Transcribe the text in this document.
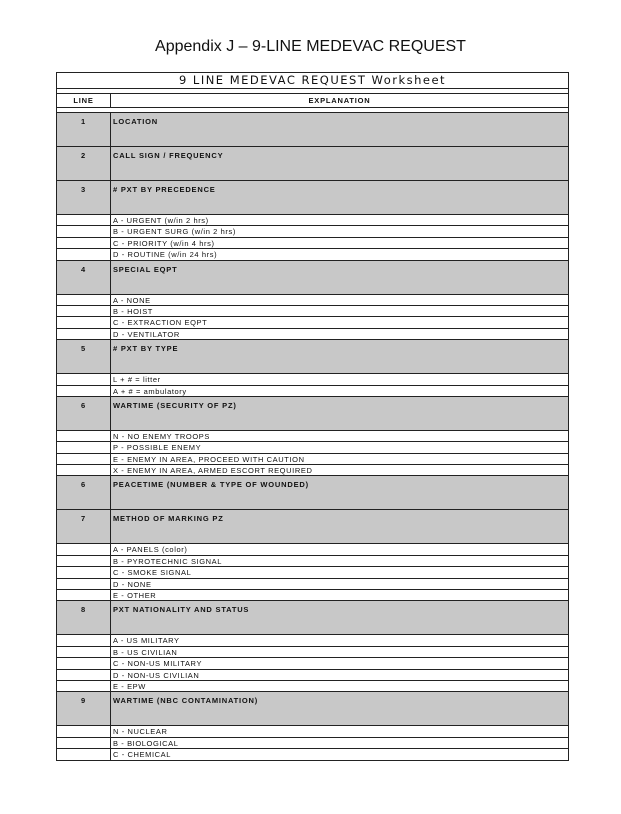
Appendix J – 9-LINE MEDEVAC REQUEST
9 LINE MEDEVAC REQUEST Worksheet
LINE	EXPLANATION
1	LOCATION
2	CALL SIGN / FREQUENCY
3	# PXT BY PRECEDENCE
A - URGENT (w/in 2 hrs)
B - URGENT SURG (w/in 2 hrs)
C - PRIORITY (w/in 4 hrs)
D - ROUTINE (w/in 24 hrs)
4	SPECIAL EQPT
A - NONE
B - HOIST
C - EXTRACTION EQPT
D - VENTILATOR
5	# PXT BY TYPE
L + # = litter
A + # = ambulatory
6	WARTIME (SECURITY OF PZ)
N - NO ENEMY TROOPS
P - POSSIBLE ENEMY
E - ENEMY IN AREA, PROCEED WITH CAUTION
X - ENEMY IN AREA, ARMED ESCORT REQUIRED
6	PEACETIME (NUMBER & TYPE OF WOUNDED)
7	METHOD OF MARKING PZ
A - PANELS (color)
B - PYROTECHNIC SIGNAL
C - SMOKE SIGNAL
D - NONE
E - OTHER
8	PXT NATIONALITY AND STATUS
A - US MILITARY
B - US CIVILIAN
C - NON-US MILITARY
D - NON-US CIVILIAN
E - EPW
9	WARTIME (NBC CONTAMINATION)
N - NUCLEAR
B - BIOLOGICAL
C - CHEMICAL
